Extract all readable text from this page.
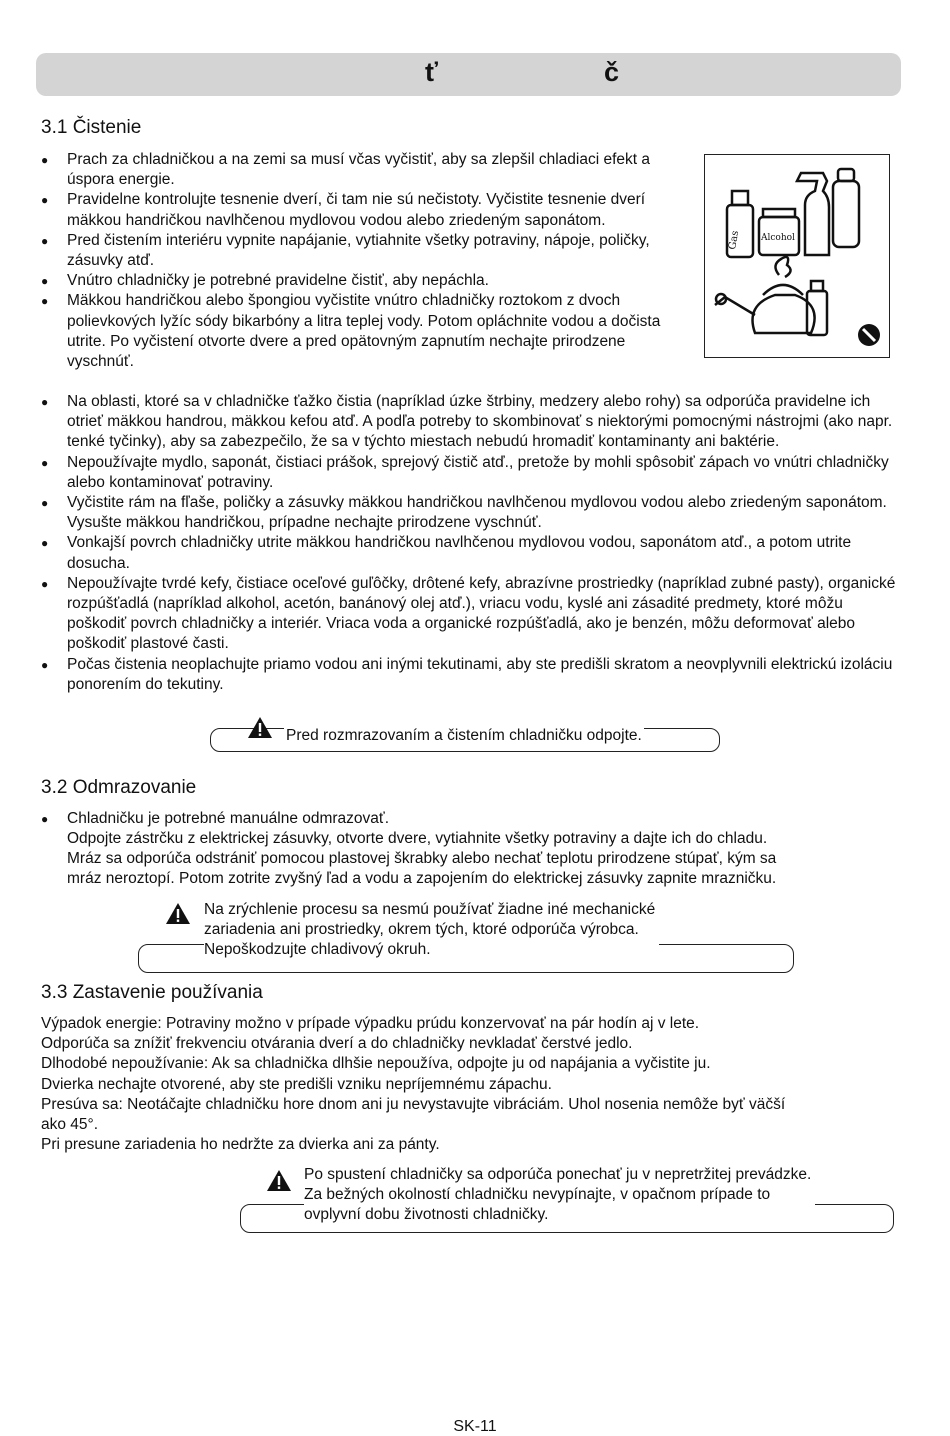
ť	č
3.1 Čistenie
● Prach za chladničkou a na zemi sa musí včas vyčistiť, aby sa zlepšil chladiaci efekt a úspora energie.
● Pravidelne kontrolujte tesnenie dverí, či tam nie sú nečistoty. Vyčistite tesnenie dverí mäkkou handričkou navlhčenou mydlovou vodou alebo zriedeným saponátom.
● Pred čistením interiéru vypnite napájanie, vytiahnite všetky potraviny, nápoje, poličky, zásuvky atď.
● Vnútro chladničky je potrebné pravidelne čistiť, aby nepáchla.
● Mäkkou handričkou alebo špongiou vyčistite vnútro chladničky roztokom z dvoch polievkových lyžíc sódy bikarbóny a litra teplej vody. Potom opláchnite vodou a dočista utrite. Po vyčistení otvorte dvere a pred opätovným zapnutím nechajte prirodzene vyschnúť.
● Na oblasti, ktoré sa v chladničke ťažko čistia (napríklad úzke štrbiny, medzery alebo rohy) sa odporúča pravidelne ich otrieť mäkkou handrou, mäkkou kefou atď. A podľa potreby to skombinovať s niektorými pomocnými nástrojmi (ako napr. tenké tyčinky), aby sa zabezpečilo, že sa v týchto miestach nebudú hromadiť kontaminanty ani baktérie.
● Nepoužívajte mydlo, saponát, čistiaci prášok, sprejový čistič atď., pretože by mohli spôsobiť zápach vo vnútri chladničky alebo kontaminovať potraviny.
● Vyčistite rám na fľaše, poličky a zásuvky mäkkou handričkou navlhčenou mydlovou vodou alebo zriedeným saponátom. Vysušte mäkkou handričkou, prípadne nechajte prirodzene vyschnúť.
● Vonkajší povrch chladničky utrite mäkkou handričkou navlhčenou mydlovou vodou, saponátom atď., a potom utrite dosucha.
● Nepoužívajte tvrdé kefy, čistiace oceľové guľôčky, drôtené kefy, abrazívne prostriedky (napríklad zubné pasty), organické rozpúšťadlá (napríklad alkohol, acetón, banánový olej atď.), vriacu vodu, kyslé ani zásadité predmety, ktoré môžu poškodiť povrch chladničky a interiér. Vriaca voda a organické rozpúšťadlá, ako je benzén, môžu deformovať alebo poškodiť plastové časti.
● Počas čistenia neoplachujte priamo vodou ani inými tekutinami, aby ste predišli skratom a neovplyvnili elektrickú izoláciu ponorením do tekutiny.
Gas Alcohol
Pred rozmrazovaním a čistením chladničku odpojte.
3.2 Odmrazovanie
● Chladničku je potrebné manuálne odmrazovať.
Odpojte zástrčku z elektrickej zásuvky, otvorte dvere, vytiahnite všetky potraviny a dajte ich do chladu.
Mráz sa odporúča odstrániť pomocou plastovej škrabky alebo nechať teplotu prirodzene stúpať, kým sa
mráz neroztopí. Potom zotrite zvyšný ľad a vodu a zapojením do elektrickej zásuvky zapnite mrazničku.
Na zrýchlenie procesu sa nesmú používať žiadne iné mechanické
zariadenia ani prostriedky, okrem tých, ktoré odporúča výrobca.
Nepoškodzujte chladivový okruh.
3.3 Zastavenie používania
Výpadok energie: Potraviny možno v prípade výpadku prúdu konzervovať na pár hodín aj v lete.
Odporúča sa znížiť frekvenciu otvárania dverí a do chladničky nevkladať čerstvé jedlo.
Dlhodobé nepoužívanie: Ak sa chladnička dlhšie nepoužíva, odpojte ju od napájania a vyčistite ju.
Dvierka nechajte otvorené, aby ste predišli vzniku nepríjemnému zápachu.
Presúva sa: Neotáčajte chladničku hore dnom ani ju nevystavujte vibráciám. Uhol nosenia nemôže byť väčší
ako 45°.
Pri presune zariadenia ho nedržte za dvierka ani za pánty.
Po spustení chladničky sa odporúča ponechať ju v nepretržitej prevádzke.
Za bežných okolností chladničku nevypínajte, v opačnom prípade to
ovplyvní dobu životnosti chladničky.
SK-11
